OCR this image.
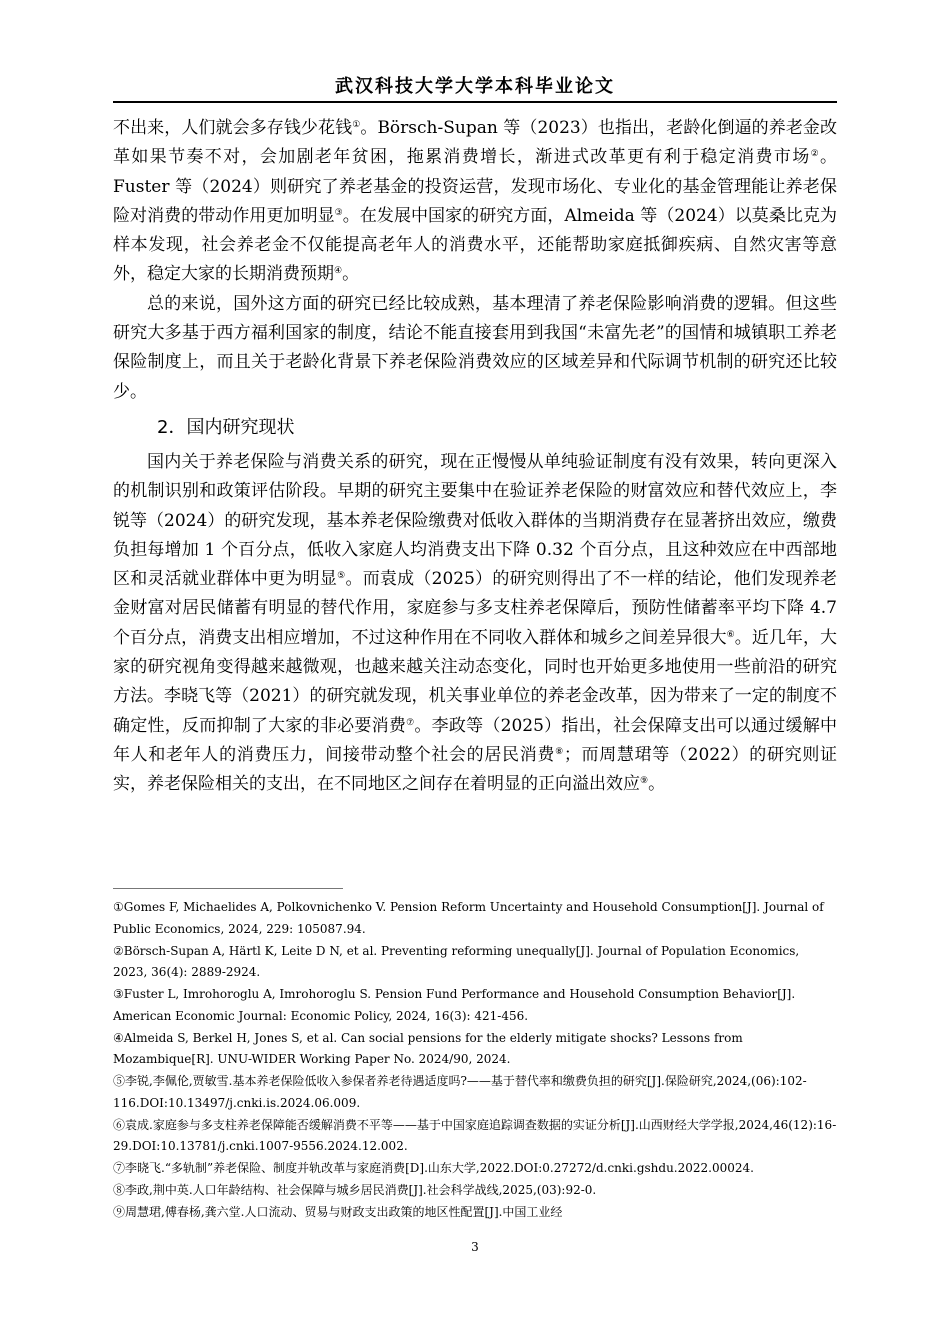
武汉科技大学大学本科毕业论文

不出来，人们就会多存钱少花钱①。Börsch-Supan 等（2023）也指出，老龄化倒逼的养老金改革如果节奏不对，会加剧老年贫困，拖累消费增长，渐进式改革更有利于稳定消费市场②。Fuster 等（2024）则研究了养老基金的投资运营，发现市场化、专业化的基金管理能让养老保险对消费的带动作用更加明显③。在发展中国家的研究方面，Almeida 等（2024）以莫桑比克为样本发现，社会养老金不仅能提高老年人的消费水平，还能帮助家庭抵御疾病、自然灾害等意外，稳定大家的长期消费预期④。

总的来说，国外这方面的研究已经比较成熟，基本理清了养老保险影响消费的逻辑。但这些研究大多基于西方福利国家的制度，结论不能直接套用到我国“未富先老”的国情和城镇职工养老保险制度上，而且关于老龄化背景下养老保险消费效应的区域差异和代际调节机制的研究还比较少。

2．国内研究现状

国内关于养老保险与消费关系的研究，现在正慢慢从单纯验证制度有没有效果，转向更深入的机制识别和政策评估阶段。早期的研究主要集中在验证养老保险的财富效应和替代效应上，李锐等（2024）的研究发现，基本养老保险缴费对低收入群体的当期消费存在显著挤出效应，缴费负担每增加 1 个百分点，低收入家庭人均消费支出下降 0.32 个百分点，且这种效应在中西部地区和灵活就业群体中更为明显⑤。而袁成（2025）的研究则得出了不一样的结论，他们发现养老金财富对居民储蓄有明显的替代作用，家庭参与多支柱养老保障后，预防性储蓄率平均下降 4.7 个百分点，消费支出相应增加，不过这种作用在不同收入群体和城乡之间差异很大⑥。近几年，大家的研究视角变得越来越微观，也越来越关注动态变化，同时也开始更多地使用一些前沿的研究方法。李晓飞等（2021）的研究就发现，机关事业单位的养老金改革，因为带来了一定的制度不确定性，反而抑制了大家的非必要消费⑦。李政等（2025）指出，社会保障支出可以通过缓解中年人和老年人的消费压力，间接带动整个社会的居民消费⑧；而周慧珺等（2022）的研究则证实，养老保险相关的支出，在不同地区之间存在着明显的正向溢出效应⑨。

①Gomes F, Michaelides A, Polkovnichenko V. Pension Reform Uncertainty and Household Consumption[J]. Journal of Public Economics, 2024, 229: 105087.94.
②Börsch-Supan A, Härtl K, Leite D N, et al. Preventing reforming unequally[J]. Journal of Population Economics, 2023, 36(4): 2889-2924.
③Fuster L, Imrohoroglu A, Imrohoroglu S. Pension Fund Performance and Household Consumption Behavior[J]. American Economic Journal: Economic Policy, 2024, 16(3): 421-456.
④Almeida S, Berkel H, Jones S, et al. Can social pensions for the elderly mitigate shocks? Lessons from Mozambique[R]. UNU-WIDER Working Paper No. 2024/90, 2024.
⑤李锐,李佩伦,贾敏雪.基本养老保险低收入参保者养老待遇适度吗?——基于替代率和缴费负担的研究[J].保险研究,2024,(06):102-116.DOI:10.13497/j.cnki.is.2024.06.009.
⑥袁成.家庭参与多支柱养老保障能否缓解消费不平等——基于中国家庭追踪调查数据的实证分析[J].山西财经大学学报,2024,46(12):16-29.DOI:10.13781/j.cnki.1007-9556.2024.12.002.
⑦李晓飞.“多轨制”养老保险、制度并轨改革与家庭消费[D].山东大学,2022.DOI:0.27272/d.cnki.gshdu.2022.00024.
⑧李政,荆中英.人口年龄结构、社会保障与城乡居民消费[J].社会科学战线,2025,(03):92-0.
⑨周慧珺,傅春杨,龚六堂.人口流动、贸易与财政支出政策的地区性配置[J].中国工业经
3
